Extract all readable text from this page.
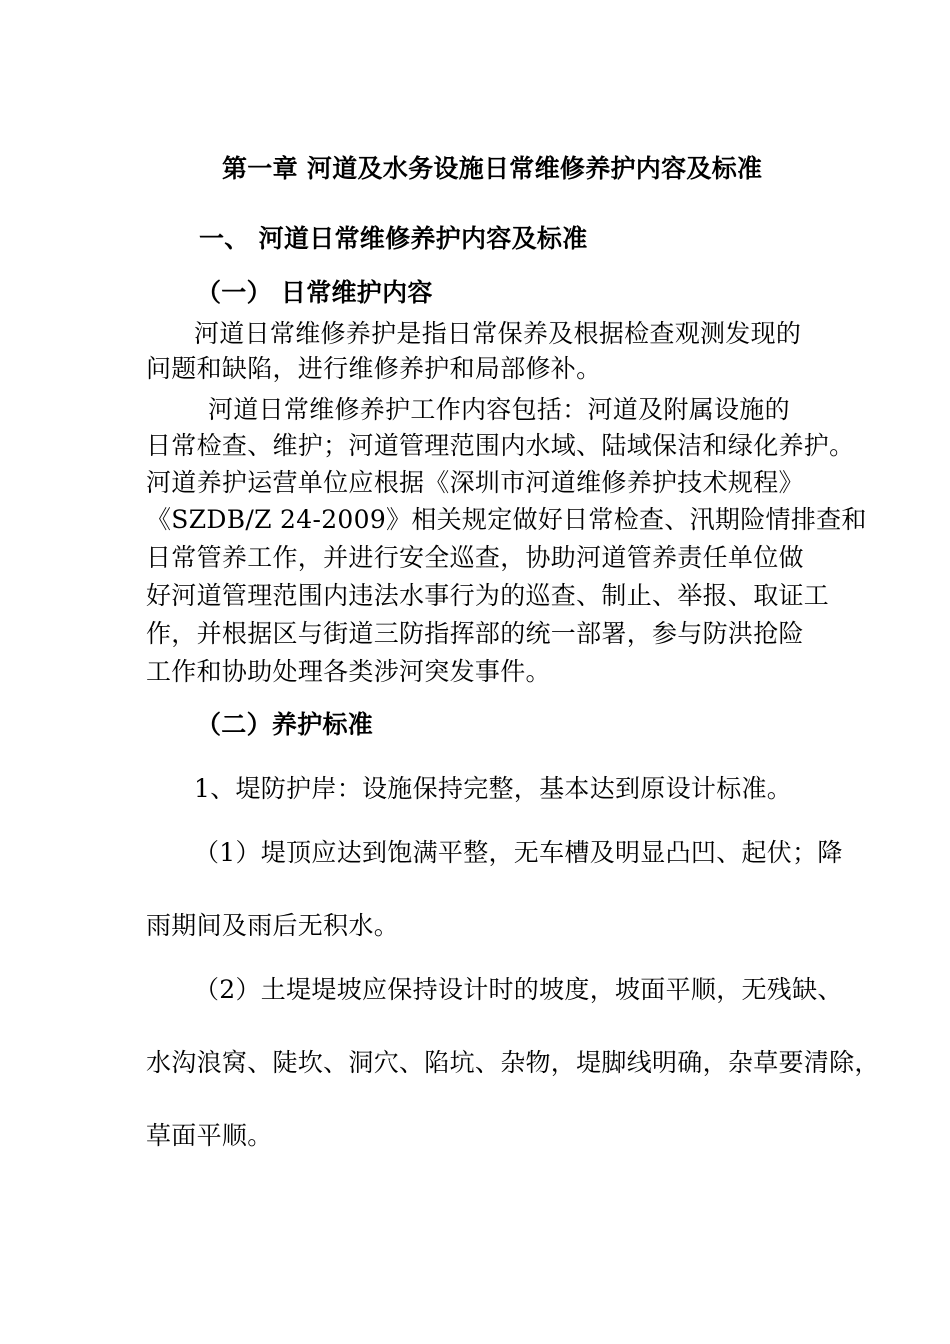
第一章 河道及水务设施日常维修养护内容及标准
一、 河道日常维修养护内容及标准
（一） 日常维护内容
河道日常维修养护是指日常保养及根据检查观测发现的
问题和缺陷，进行维修养护和局部修补。
河道日常维修养护工作内容包括：河道及附属设施的
日常检查、维护；河道管理范围内水域、陆域保洁和绿化养护。
河道养护运营单位应根据《深圳市河道维修养护技术规程》
《SZDB/Z 24-2009》相关规定做好日常检查、汛期险情排查和
日常管养工作，并进行安全巡查，协助河道管养责任单位做
好河道管理范围内违法水事行为的巡查、制止、举报、取证工
作，并根据区与街道三防指挥部的统一部署，参与防洪抢险
工作和协助处理各类涉河突发事件。
（二）养护标准
1、堤防护岸：设施保持完整，基本达到原设计标准。
（1）堤顶应达到饱满平整，无车槽及明显凸凹、起伏；降
雨期间及雨后无积水。
（2）土堤堤坡应保持设计时的坡度，坡面平顺，无残缺、
水沟浪窝、陡坎、洞穴、陷坑、杂物，堤脚线明确，杂草要清除，
草面平顺。
